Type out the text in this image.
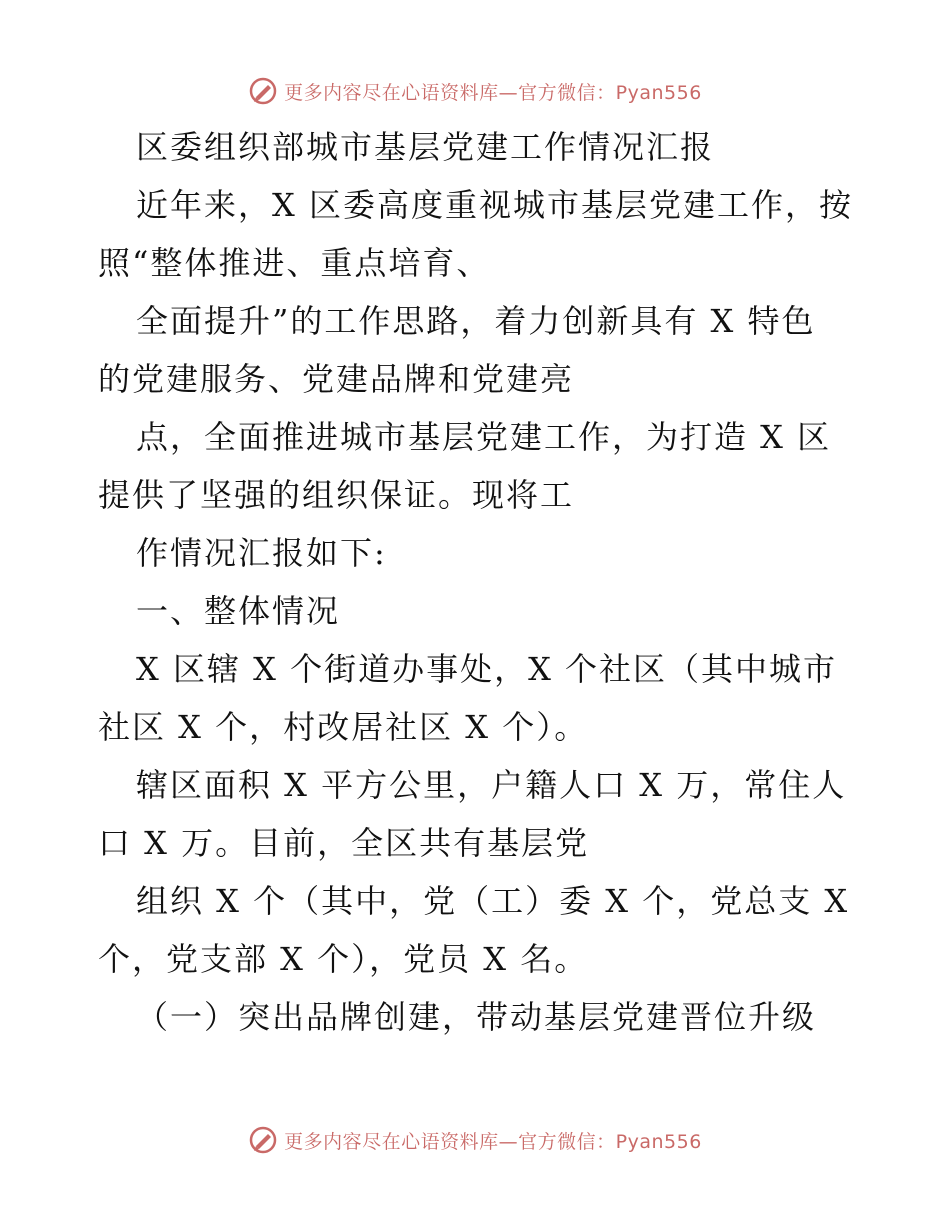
更多内容尽在心语资料库—官方微信：Pyan556
区委组织部城市基层党建工作情况汇报
近年来，X 区委高度重视城市基层党建工作，按
照“整体推进、重点培育、
全面提升”的工作思路，着力创新具有 X 特色
的党建服务、党建品牌和党建亮
点，全面推进城市基层党建工作，为打造 X 区
提供了坚强的组织保证。现将工
作情况汇报如下:
一、整体情况
X 区辖 X 个街道办事处，X 个社区（其中城市
社区 X 个，村改居社区 X 个）。
辖区面积 X 平方公里，户籍人口 X 万，常住人
口 X 万。目前，全区共有基层党
组织 X 个（其中，党（工）委 X 个，党总支 X
个，党支部 X 个），党员 X 名。
（一）突出品牌创建，带动基层党建晋位升级
更多内容尽在心语资料库—官方微信：Pyan556
